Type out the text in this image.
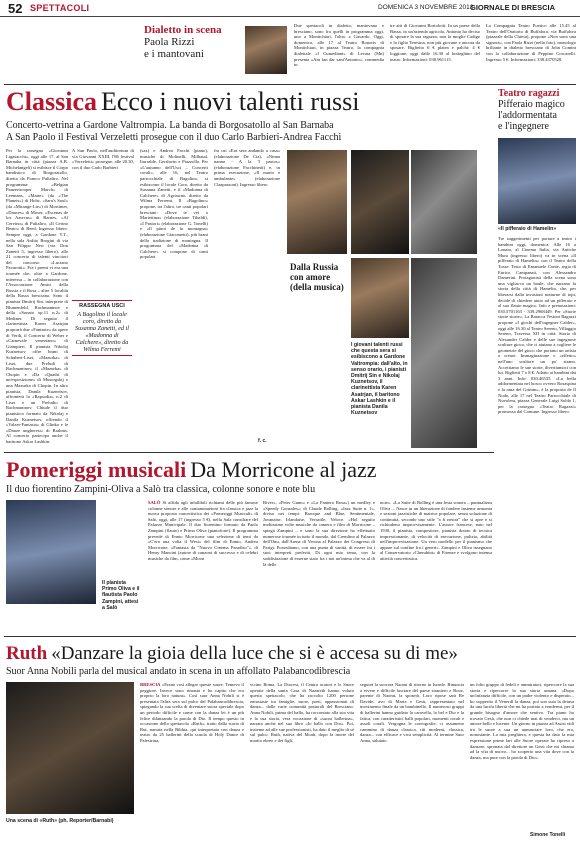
52 SPETTACOLI	DOMENICA 3 NOVEMBRE 2013
GIORNALE DI BRESCIA

Dialetto in scena

Paola Rizzi

e i mantovani

Due spettacoli in dialetto, mantovano e bresciano, sono fra quelli in programma oggi, uno a Montichiari, l'altro a Gavardo. Oggi, domenica, alle 17 al Teatro Bonoris di Montichiari, in piazza Teatro, la compagnia dialettale «I Cumediant» di Levata (Mn) presenta «Am fan dar sant'Antonio», commedia in

tre atti di Giovanni Bortolotti. In un paese della Bassa, in un'azienda agricola, Antonio ha deciso di sposare la sua ragazza, non la moglie Cadige e la figlia Teresina, non più giovane e ancora da sposare. Biglietto 6 € platea e palchi; 4 € loggione; oggi dalle 16.30 al botteghino del teatro. Informazioni: 030.961115.

La Compagnia Teatro Poetico alle 15.45 al Teatro dell'Oratorio di Buffalora, via Buffalora (piazzale della Chiesa), propone «Non sono una signora», con Paola Rizzi (nella foto), monologo brillante in dialetto bresciano di John Comini con la collaborazione di Peppino Coscarelli. Ingresso 5 €. Informazioni: 338.4370528.

Classica Ecco i nuovi talenti russi

Concerto-vetrina a Gardone Valtrompia. La banda di Borgosatollo al San Barnaba

A San Paolo il Festival Verzeletti prosegue con il duo Carlo Barbieri-Andrea Facchi

Per la rassegna «Giovanni Ligasacchi», oggi alle 17, al San Barnaba in città (piazza A.B. Michelangeli) si esibisce il Corpo bandistico di Borgosatollo, diretto da Franco Pulialtro. Nel programma: «Belgian Panzertrooper March» di Leemans, «Marte» (da «The Planets») di Holst, «Saru's Soul» (da «Mirange-Lie») di Mortimer, «Dances» di Moser, «Escenas de los Aztecas» di Barnes, «Al Cervino» di Pulialtro, «Il Cerino Beato» di Reed, Ingresso libero. Sempre oggi, a Gardone V.T., nella sala Ardito Brogini di via San Filippo Neri (via Don Zanetti 5, ingresso libero), alle 21 concerto di talenti vincitori del concorso «Luciano Pavarotti». Fra i premi vi era una tournée che, oltre a Gardone, interessa – in collaborazione con l'Associazione Amici della Russia e il Rosa – altre 5 località della Bassa bresciana. Sono il pianista Dmitrij Sin, interprete di Blumenfeld, Rachmaninov e della «Sonata op.11 n.2» di Medtner. Di seguito il clarinettista Karen Asatrjan proporrà due «Fantasie» da opere di Verdi, il Concerto di Weber e «Carnevale veneziano» di Giampieri. Il pianista Nikolaj Kuznetsov offre brani di Schubert-Liszt, «Mazurka» di Liszt, due Preludi di Rachmaninov, il «Mazurka» di Chopin e «Da «Quadri di un'esposizione» di Musorgskij e una Mazurka di Chopin. In altro pianista, Danila Kuznetsov, affronterà la «Rapsodia» n.2 di Liszt e un Preludio di Rachmaninov. Chiude il duo pianistico formato da Nikolaj e Danila Kuznetsov, offrendo il «Valzer-Fantasia» di Glinka e le «Danze ungheresi» di Brahms. Al concerto partecipa anche il baritono Askar Lashkin.

RASSEGNA USCI
A Bagolino il locale coro, diretto da Susanna Zanetti, ed il «Madonna di Calchere», diretto da Wilma Ferremi

A San Paolo, nell'auditorium di via Giovanni XXIII, l'86 festival «Verzeletti» prosegue, alle 20.30, con il duo Carlo Barbieri

(sax) e Andrea Facchi (piano), musiche di Molinelli, Milhaud, Iturralde, Gershwin e Piazzolla. Per «L'autunno dell'Usci – Concerti corali», alle 16, nel Teatro parrocchiale di Bagolino, si esibiscono il locale Coro, diretto da Susanna Zanetti, e il «Madonna di Calchere» di Agrissino, diretto da Wilma Ferremi. Il «Bagolino» propone, tra l'altro, tre canti popolari bresciani: «Dove te vet o Mariettina» (elaborazione Tibaldi), «I Pastori» (elaborazione G. Tonelli) e «Il pärot de la montagna» (elaborazione Giacometti), più brani della tradizione di montagna. Il programma del «Madonna di Calchere» si compone di canti popolari

fra cui «Era sera andando a casa» (elaborazione De Cia), «Ninna nanna - A la 'I pastos» (elaborazione Facchinetti) e, in prima esecuzione, «Il mario e ambulante» (elaborazione Claapassoni). Ingresso libero.

f. c.
Dalla Russia
con amore
(della musica)

I giovani talenti russi che questa sera si esibiscono a Gardone Valtrompia: dall'alto, in senso orario, i pianisti Dmitrij Sin e Nikolaj Kuznetsov, il clarinettista Karen Asatrjan, il baritono Askar Lashkin e il pianista Danila Kuznetsov

Teatro ragazzi
Pifferaio magico
l'addormentata
e l'ingegnere

«Il pifferaio di Hamelin»

Tre suggerimenti per portare a teatro i bambini oggi, domenica. Alle 16 a Lonato, al Cinema Italia, via Antiche Mura (ingresso libero) va in scena «Il pifferaio di Hamelin» con il Teatro della Tosse. Testo di Emanuele Conte, regia di Enrico Campanati, con Alessandro Damerini. Protagonisti della scena sono una vigliacca un baule, che narrano la storia della città di Hamelin, che, per liberarsi dalla invasioni notturne di topi, decide di chiedere aiuto ad un pifferaio e al suo flauto magico. Info e prenotazioni: 030.5701163 - 339.2968449. Per «Storie storie storie», La Baracca Testoni Ragazzi propone «I giochi dell'ingegner Calder», oggi alle 16.30 al Teatro Sereno, Villaggio Sereno, Traversa XII in città. Storia di Alexander Calder e delle sue ingegnose sculture gioco, che ci aiutano a cogliere le geometrie del gioco che portano un artista a creare. Immaginazione e «effetto» nell'uno scultore un po' strano. Accettiamo le sue storie, divertiamoci con lui. Biglietti 7 o 8 €. Adatto ai bambini dai 3 anni. Info: 030.46535. «La bella addormentata nel bosco ovvero Rosaspina e la rana del Grimm», è la proposta de Il Nodo, alle 17 nel Teatro Parrocchiale di Nuvolera, piazza Generale Luigi Soldo 1, per la rassegna «Teatro Ragazzi» promossa dal Comune. Ingresso libero.

Pomeriggi musicali Da Morricone al jazz

Il duo fiorentino Zampini-Oliva a Salò tra classica, colonne sonore e note blu

Il pianista Primo Oliva e il flautista Paolo Zampini, attesi a Salò

SALÒ Si affida agli infallibili richiami delle più famose colonne sonore e alle contaminazioni fra classica e jazz la nuova proposta concertistica dei «Pomeriggi Musicali» di Salò, oggi, alle 17 (ingresso 5 €), nella Sala consiliare del Palazzo Municipale. Il duo fiorentino formato da Paolo Zampini (flauto) e Primo Oliva (pianoforte). Il programma prevede di Ennio Morricone una selezione di temi da «C'era una volta il West» del film di Ennio, Andrea Morricone, «Fantasia da "Nuovo Cinema Paradiso"», di Henry Mancini (autore di canzoni di successo e di celebri musiche da film, come «Moon

River», «Peter Gunn» e «La Pantera Rosa») un medley e «Speedy Gonzales»; di Claude Bolling, «Jazz Suite n. 1», divisa nei tempi: Baroque and Blue, Sentimentale, Javanaise, Irlandaise, Versatile, Veloce. «Hol seguito moltissime volte musiche da camera e film di Morricone – spiega Zampini – e sono la sua direzione ho effettuato numerose tournée in tutto il mondo, dal Cremlino al Palazzo dell'Onu, dall'Arena di Verona al Palazzo dei Congressi di Parigi. Possediamo, con una punta di vanità, di essere fra i suoi interpreti preferiti. Di ogni mio tema, con la soddisfazione di esserne stato fra i noi un'intesa che va al di là delle

note». «La Suite di Bolling è una festa sonora – puntualizza Oliva –. Nasce in un liberazione di fondere insieme armonia e sezioni jazzistiche di matrice popolare, senza soluzione di continuità, secondo uno stile "a fi nestra" che si apre e si richiudono improvvisamente. L'autore francese, nato nel 1930, il pianista, compositore, pianista dotato di tecnica impressionante, di velocità di esecuzione, pulizia, abilità nell'improvvisazione. Un vero modello per il pianismo che appare sul confine fra i generi». Zampini e Oliva insegnano al Conservatorio «Cherubini» di Firenze e svolgono intensa attività concertistica.

Ruth «Danzare la gioia della luce che si è accesa su di me»

Suor Anna Nobili parla del musical andato in scena in un affollato Palabancodibrescia

Una scena di «Ruth» (ph. Reporter/Barnabi)

BRESCIA «Erano così allegre queste suore. Temevo il peggiore. Invece sono rimasta e ho capito che era proprio la loro natura». Così suor Anna Nobili si è presentata l'altra sera sul palco del Palabancodibrescia, spiegando la sua scelta di diventare suora speciale dopo un periodo difficile e come con la danza lei è un più felice dilanzando la parola di Dio. Il tempo questo in occasione dello spettacolo «Ruth», tratto dalla storia di Rut, narrata nella Bibbia, qui interpretata con danza e teatro da 25 ballerini della scuola di Holy Dance di Palestrina,

vicino Roma. La Diocesi, il Centro oratori e le Suore operaie della santa Casa di Nazareth hanno voluto questo spettacolo, che ha raccolto 1200 persone entusiaste tra famiglie, suore, preti, appassionati di danza... dalle varie comunità pastorali del Bresciano. Anna Nobili, prima del ballo, ha raccontato alla suo vita e la sua storia, vera vocazione di «suora ballerina», narrata anche nel suo libro «Io ballo con Dio». Poi, insieme ad alle sue professionisti, ha dato il meglio di sé sul palco. Ruth, nativa del Moab, dopo la morte del marito ebreo e dei figli,

seguirà la suocera Naomi di ritorno in Israele. Rinuncia a vivere e difficile lasciare del paese straniero e Booz, parente di Naomi, la sposerà. Loro ripose sarà Re Davide, avo di Maria e Gesù, rappresentato nel movimento finale da un bambinello. Il numeroso gruppi di ballerini hanno guidato la caravella, lo bel e Dio e la fatica, con caratteristici balli popolari, momenti corali e assoli corali. Vergogna le coreografie, ci assumeno cammino di danza classica, riti moderni, classica, danza... con efficace e viva semplicità. Al termine Suor Anna, salutato

un folto gruppo di fedeli e ammiratori, ripercorre la sua storia e ripercorre la sua storia umana. «Dopo un'infanzia difficile, con un padre violento e disperato... ho sopperito il Venerdì la danza, poi son suta la deiusa da una lucifu libertà che mi ha portato a vendermi, per il grande bisogno d'amore che sentivo. Tra piano ho trovato Gesù, che non ci chiede mai di venderci, ma un amore bello e lucente. Un giorno in piazza ad Assisi vidi tra le suore a sua un annunciare loro, che era, nonostante. La mia preghiera, e questa ha dato la mia espressione prime lari alle Suore operaie ho ripreso a danzare, spronata dal direttore un Gesù che mi chiama ad la vita di nuovo... ho scoperto una vita dove con la danza, ma pure con la parola di Dio».

Simone Tonelli
